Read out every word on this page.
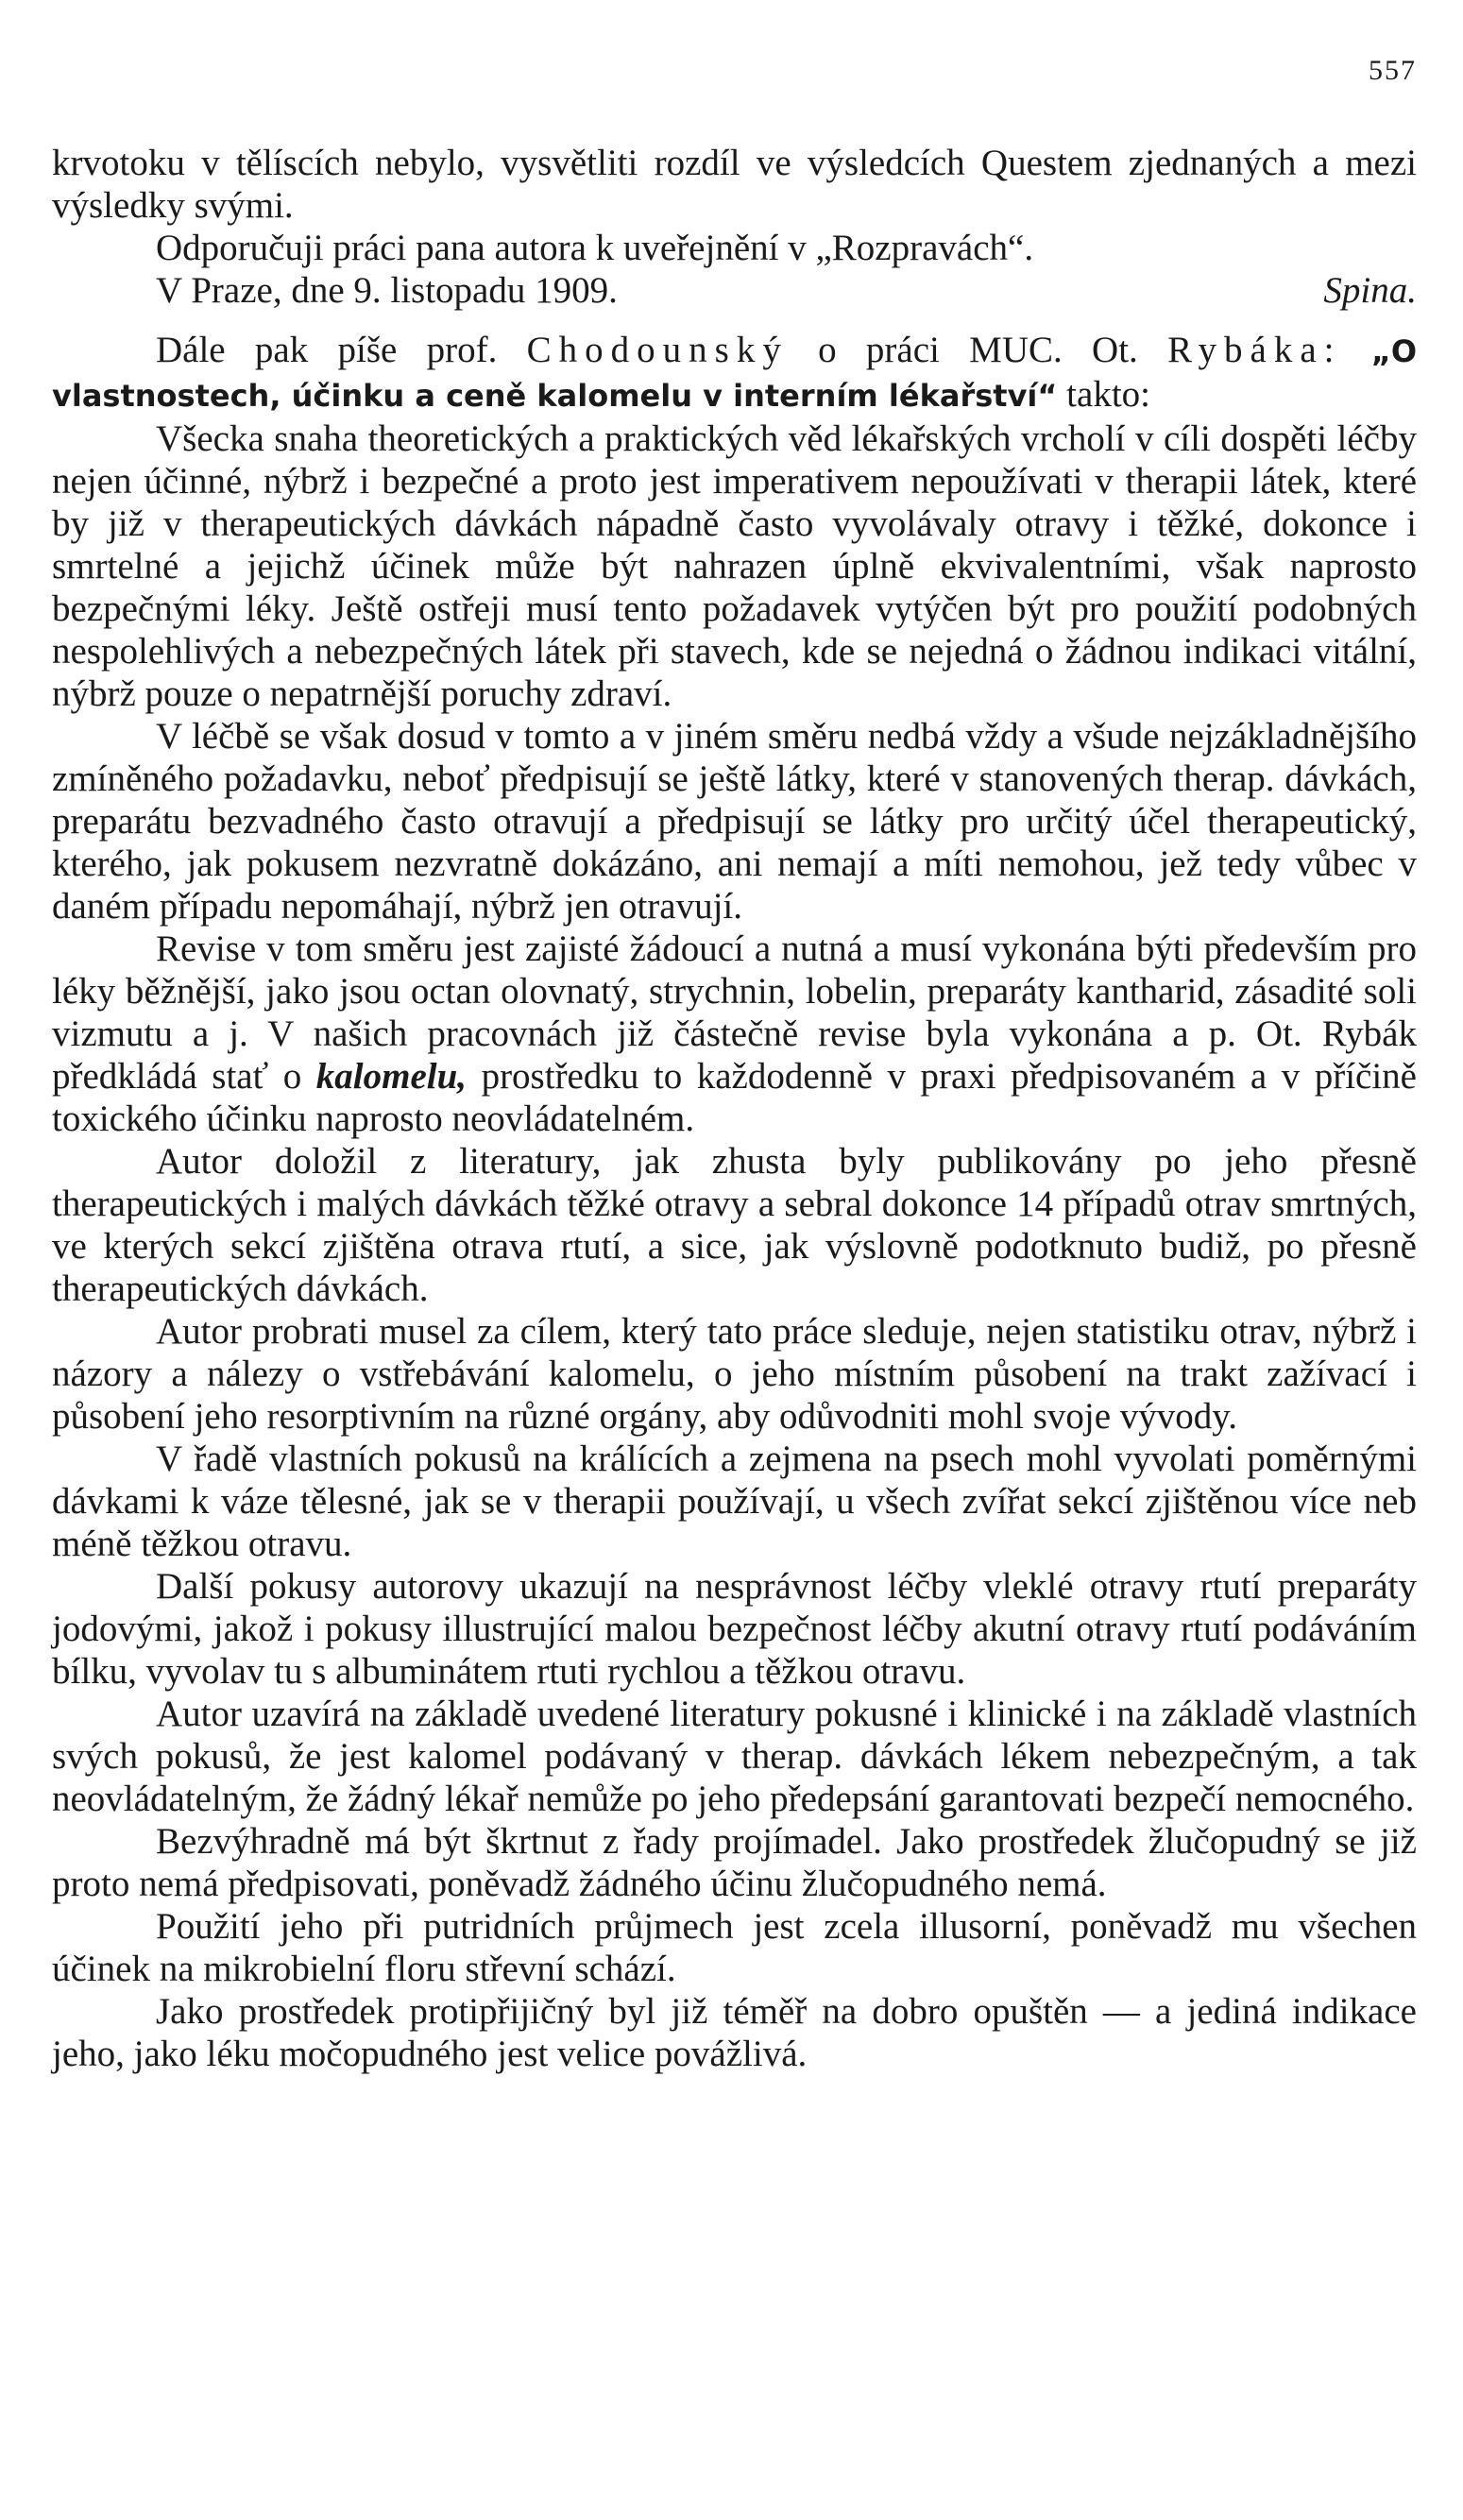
557

krvotoku v tělíscích nebylo, vysvětliti rozdíl ve výsledcích Questem zjednaných a mezi výsledky svými.

Odporučuji práci pana autora k uveřejnění v „Rozpravách“.

V Praze, dne 9. listopadu 1909.	Spina.

Dále pak píše prof. Chodounský o práci MUC. Ot. Rybáka: „O vlastnostech, účinku a ceně kalomelu v interním lékařství“ takto:

Všecka snaha theoretických a praktických věd lékařských vrcholí v cíli dospěti léčby nejen účinné, nýbrž i bezpečné a proto jest imperativem nepoužívati v therapii látek, které by již v therapeutických dávkách nápadně často vyvolávaly otravy i těžké, dokonce i smrtelné a jejichž účinek může být nahrazen úplně ekvivalentními, však naprosto bezpečnými léky. Ještě ostřeji musí tento požadavek vytýčen být pro použití podobných nespolehlivých a nebezpečných látek při stavech, kde se nejedná o žádnou indikaci vitální, nýbrž pouze o nepatrnější poruchy zdraví.

V léčbě se však dosud v tomto a v jiném směru nedbá vždy a všude nejzákladnějšího zmíněného požadavku, neboť předpisují se ještě látky, které v stanovených therap. dávkách, preparátu bezvadného často otravují a předpisují se látky pro určitý účel therapeutický, kterého, jak pokusem nezvratně dokázáno, ani nemají a míti nemohou, jež tedy vůbec v daném případu nepomáhají, nýbrž jen otravují.

Revise v tom směru jest zajisté žádoucí a nutná a musí vykonána býti především pro léky běžnější, jako jsou octan olovnatý, strychnin, lobelin, preparáty kantharid, zásadité soli vizmutu a j. V našich pracovnách již částečně revise byla vykonána a p. Ot. Rybák předkládá stať o kalomelu, prostředku to každodenně v praxi předpisovaném a v příčině toxického účinku naprosto neovládatelném.

Autor doložil z literatury, jak zhusta byly publikovány po jeho přesně therapeutických i malých dávkách těžké otravy a sebral dokonce 14 případů otrav smrtných, ve kterých sekcí zjištěna otrava rtutí, a sice, jak výslovně podotknuto budiž, po přesně therapeutických dávkách.

Autor probrati musel za cílem, který tato práce sleduje, nejen statistiku otrav, nýbrž i názory a nálezy o vstřebávání kalomelu, o jeho místním působení na trakt zažívací i působení jeho resorptivním na různé orgány, aby odůvodniti mohl svoje vývody.

V řadě vlastních pokusů na králících a zejmena na psech mohl vyvolati poměrnými dávkami k váze tělesné, jak se v therapii používají, u všech zvířat sekcí zjištěnou více neb méně těžkou otravu.

Další pokusy autorovy ukazují na nesprávnost léčby vleklé otravy rtutí preparáty jodovými, jakož i pokusy illustrující malou bezpečnost léčby akutní otravy rtutí podáváním bílku, vyvolav tu s albuminátem rtuti rychlou a těžkou otravu.

Autor uzavírá na základě uvedené literatury pokusné i klinické i na základě vlastních svých pokusů, že jest kalomel podávaný v therap. dávkách lékem nebezpečným, a tak neovládatelným, že žádný lékař nemůže po jeho předepsání garantovati bezpečí nemocného.

Bezvýhradně má být škrtnut z řady projímadel. Jako prostředek žlučopudný se již proto nemá předpisovati, poněvadž žádného účinu žlučopudného nemá.

Použití jeho při putridních průjmech jest zcela illusorní, poněvadž mu všechen účinek na mikrobielní floru střevní schází.

Jako prostředek protipřijičný byl již téměř na dobro opuštěn — a jediná indikace jeho, jako léku močopudného jest velice povážlivá.
